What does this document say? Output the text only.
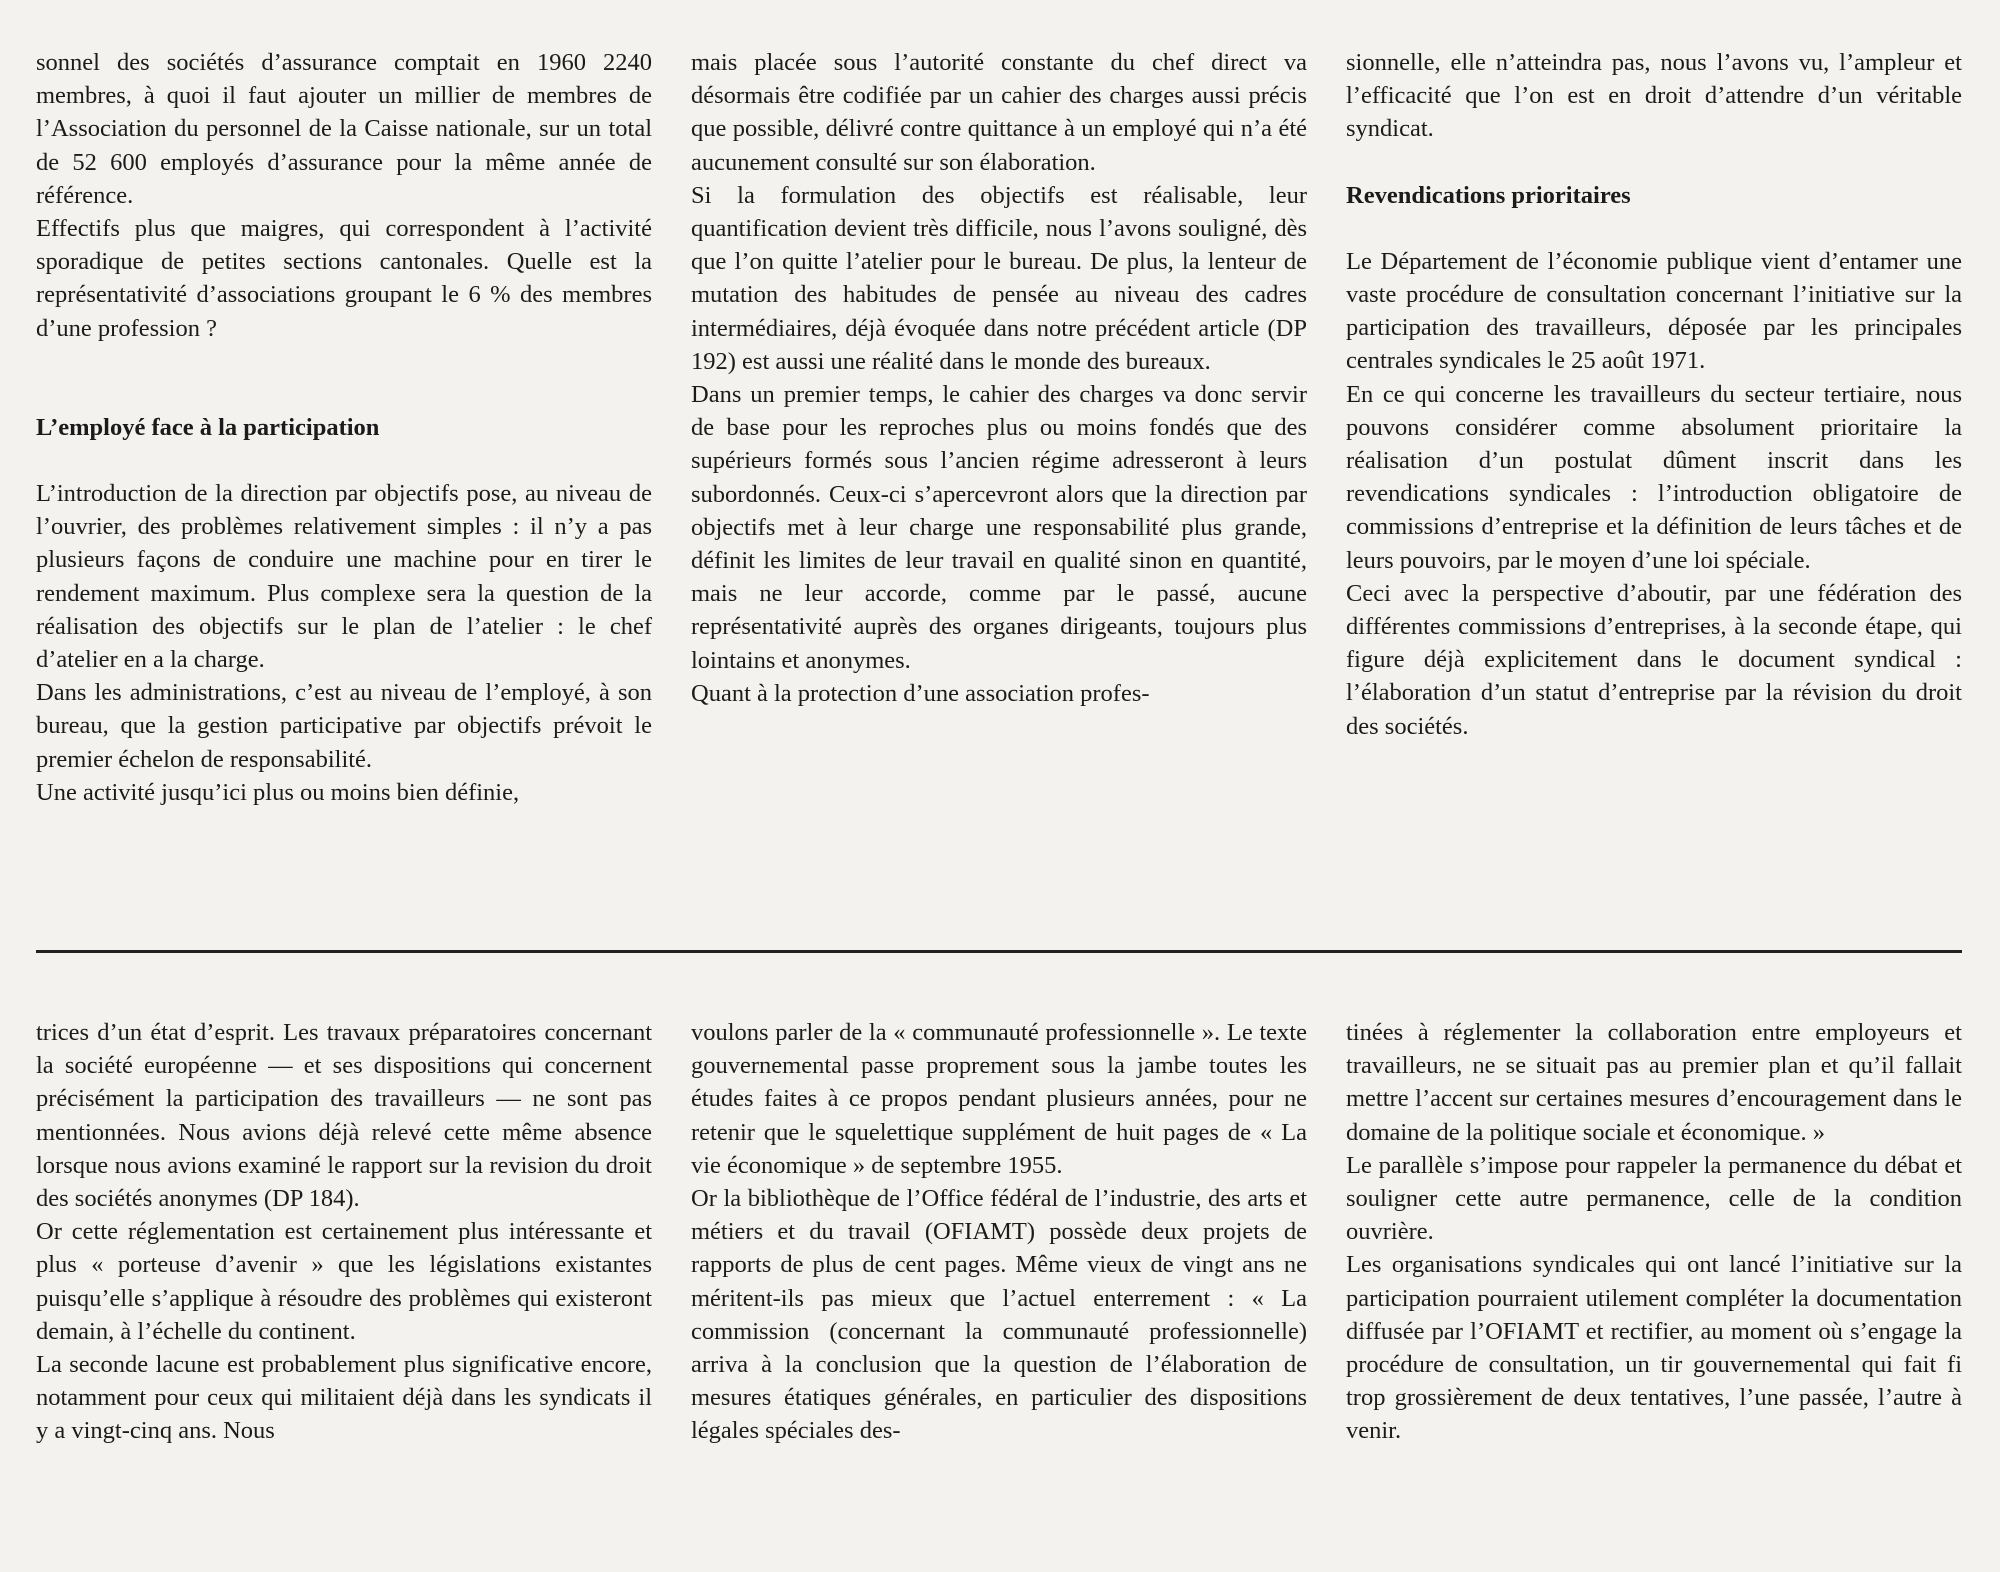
sonnel des sociétés d’assurance comptait en 1960 2240 membres, à quoi il faut ajouter un millier de membres de l’Association du personnel de la Caisse nationale, sur un total de 52 600 employés d’assurance pour la même année de référence.

Effectifs plus que maigres, qui correspondent à l’activité sporadique de petites sections cantonales. Quelle est la représentativité d’associations groupant le 6 % des membres d’une profession ?

L’employé face à la participation

L’introduction de la direction par objectifs pose, au niveau de l’ouvrier, des problèmes relativement simples : il n’y a pas plusieurs façons de conduire une machine pour en tirer le rendement maximum. Plus complexe sera la question de la réalisation des objectifs sur le plan de l’atelier : le chef d’atelier en a la charge.

Dans les administrations, c’est au niveau de l’employé, à son bureau, que la gestion participative par objectifs prévoit le premier échelon de responsabilité.

Une activité jusqu’ici plus ou moins bien définie,

mais placée sous l’autorité constante du chef direct va désormais être codifiée par un cahier des charges aussi précis que possible, délivré contre quittance à un employé qui n’a été aucunement consulté sur son élaboration.

Si la formulation des objectifs est réalisable, leur quantification devient très difficile, nous l’avons souligné, dès que l’on quitte l’atelier pour le bureau. De plus, la lenteur de mutation des habitudes de pensée au niveau des cadres intermédiaires, déjà évoquée dans notre précédent article (DP 192) est aussi une réalité dans le monde des bureaux.

Dans un premier temps, le cahier des charges va donc servir de base pour les reproches plus ou moins fondés que des supérieurs formés sous l’ancien régime adresseront à leurs subordonnés. Ceux-ci s’apercevront alors que la direction par objectifs met à leur charge une responsabilité plus grande, définit les limites de leur travail en qualité sinon en quantité, mais ne leur accorde, comme par le passé, aucune représentativité auprès des organes dirigeants, toujours plus lointains et anonymes.

Quant à la protection d’une association profes-

sionnelle, elle n’atteindra pas, nous l’avons vu, l’ampleur et l’efficacité que l’on est en droit d’attendre d’un véritable syndicat.

Revendications prioritaires

Le Département de l’économie publique vient d’entamer une vaste procédure de consultation concernant l’initiative sur la participation des travailleurs, déposée par les principales centrales syndicales le 25 août 1971.

En ce qui concerne les travailleurs du secteur tertiaire, nous pouvons considérer comme absolument prioritaire la réalisation d’un postulat dûment inscrit dans les revendications syndicales : l’introduction obligatoire de commissions d’entreprise et la définition de leurs tâches et de leurs pouvoirs, par le moyen d’une loi spéciale.

Ceci avec la perspective d’aboutir, par une fédération des différentes commissions d’entreprises, à la seconde étape, qui figure déjà explicitement dans le document syndical : l’élaboration d’un statut d’entreprise par la révision du droit des sociétés.

trices d’un état d’esprit. Les travaux préparatoires concernant la société européenne — et ses dispositions qui concernent précisément la participation des travailleurs — ne sont pas mentionnées. Nous avions déjà relevé cette même absence lorsque nous avions examiné le rapport sur la revision du droit des sociétés anonymes (DP 184).

Or cette réglementation est certainement plus intéressante et plus « porteuse d’avenir » que les législations existantes puisqu’elle s’applique à résoudre des problèmes qui existeront demain, à l’échelle du continent.

La seconde lacune est probablement plus significative encore, notamment pour ceux qui militaient déjà dans les syndicats il y a vingt-cinq ans. Nous

voulons parler de la « communauté professionnelle ». Le texte gouvernemental passe proprement sous la jambe toutes les études faites à ce propos pendant plusieurs années, pour ne retenir que le squelettique supplément de huit pages de « La vie économique » de septembre 1955.

Or la bibliothèque de l’Office fédéral de l’industrie, des arts et métiers et du travail (OFIAMT) possède deux projets de rapports de plus de cent pages. Même vieux de vingt ans ne méritent-ils pas mieux que l’actuel enterrement : « La commission (concernant la communauté professionnelle) arriva à la conclusion que la question de l’élaboration de mesures étatiques générales, en particulier des dispositions légales spéciales des-

tinées à réglementer la collaboration entre employeurs et travailleurs, ne se situait pas au premier plan et qu’il fallait mettre l’accent sur certaines mesures d’encouragement dans le domaine de la politique sociale et économique. »

Le parallèle s’impose pour rappeler la permanence du débat et souligner cette autre permanence, celle de la condition ouvrière.

Les organisations syndicales qui ont lancé l’initiative sur la participation pourraient utilement compléter la documentation diffusée par l’OFIAMT et rectifier, au moment où s’engage la procédure de consultation, un tir gouvernemental qui fait fi trop grossièrement de deux tentatives, l’une passée, l’autre à venir.
